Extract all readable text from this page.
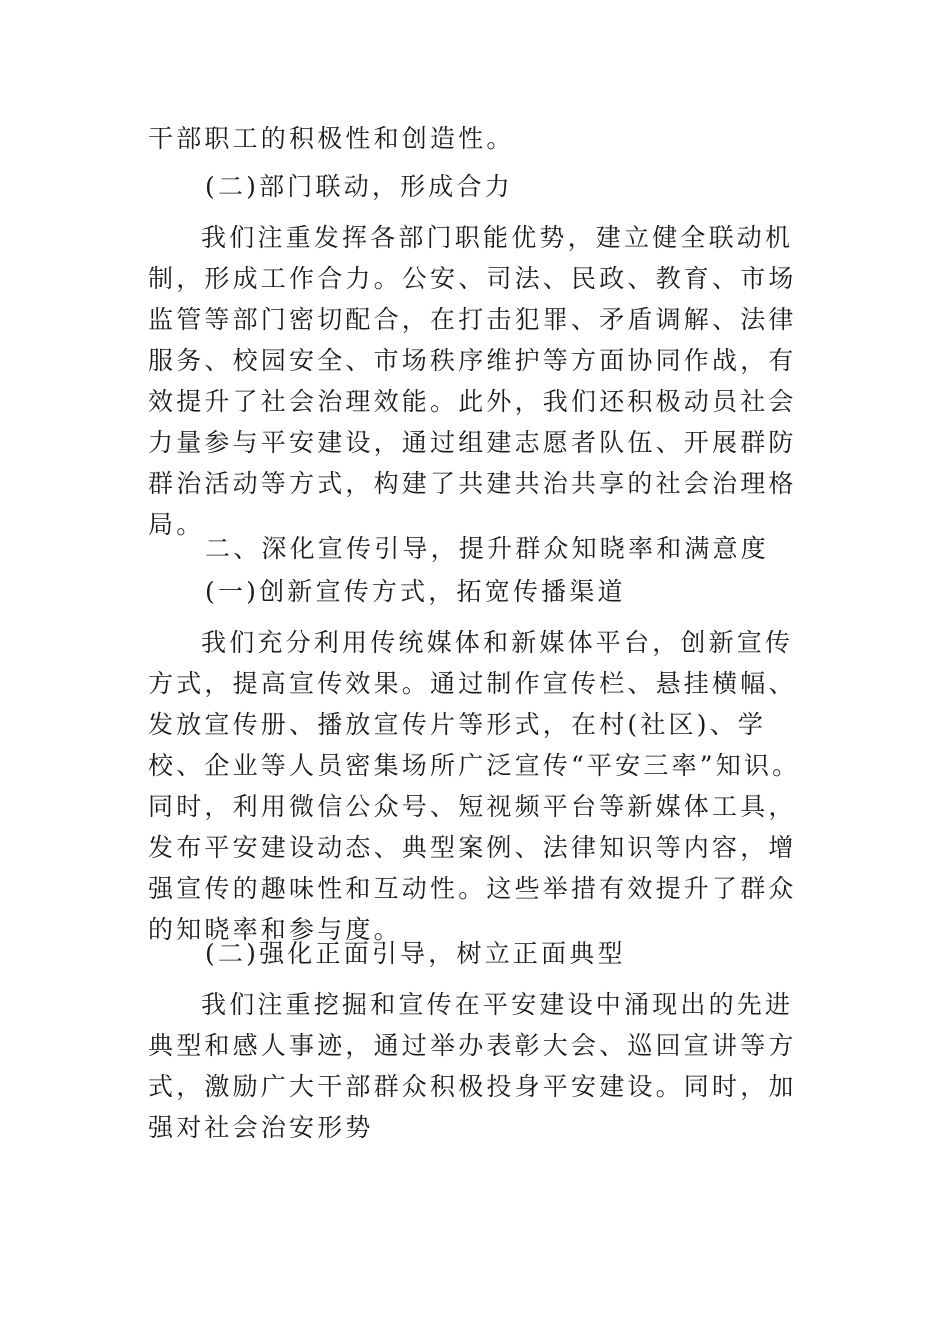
干部职工的积极性和创造性。

(二)部门联动，形成合力

我们注重发挥各部门职能优势，建立健全联动机制，形成工作合力。公安、司法、民政、教育、市场监管等部门密切配合，在打击犯罪、矛盾调解、法律服务、校园安全、市场秩序维护等方面协同作战，有效提升了社会治理效能。此外，我们还积极动员社会力量参与平安建设，通过组建志愿者队伍、开展群防群治活动等方式，构建了共建共治共享的社会治理格局。

二、深化宣传引导，提升群众知晓率和满意度

(一)创新宣传方式，拓宽传播渠道

我们充分利用传统媒体和新媒体平台，创新宣传方式，提高宣传效果。通过制作宣传栏、悬挂横幅、发放宣传册、播放宣传片等形式，在村(社区)、学校、企业等人员密集场所广泛宣传“平安三率”知识。同时，利用微信公众号、短视频平台等新媒体工具，发布平安建设动态、典型案例、法律知识等内容，增强宣传的趣味性和互动性。这些举措有效提升了群众的知晓率和参与度。

(二)强化正面引导，树立正面典型

我们注重挖掘和宣传在平安建设中涌现出的先进典型和感人事迹，通过举办表彰大会、巡回宣讲等方式，激励广大干部群众积极投身平安建设。同时，加强对社会治安形势
